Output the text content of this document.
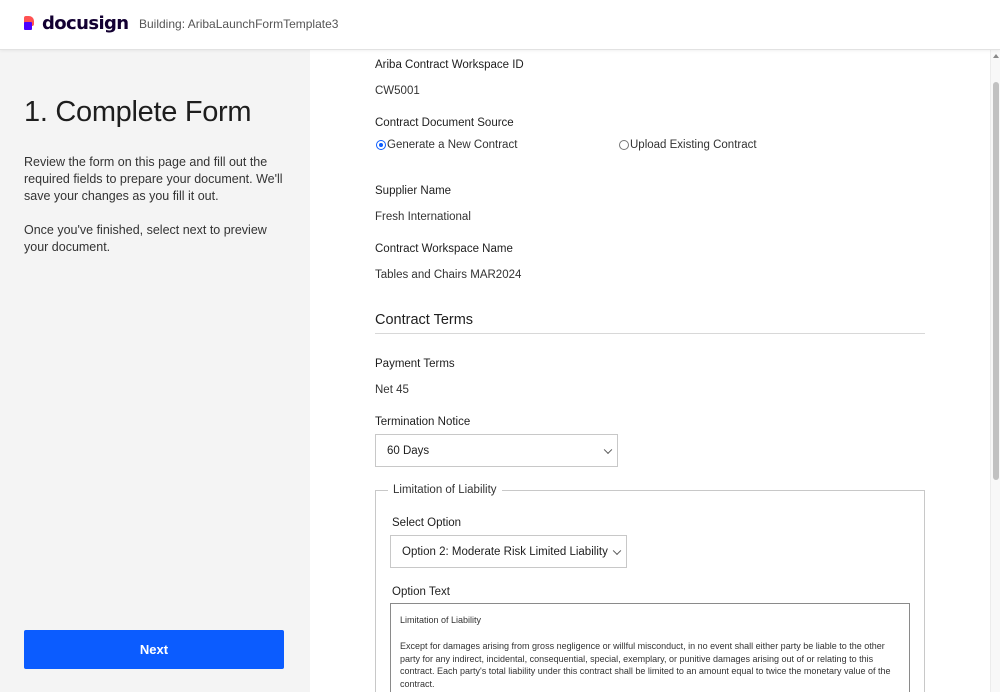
docusign Building: AribaLaunchFormTemplate3
1. Complete Form

Review the form on this page and fill out the required fields to prepare your document. We'll save your changes as you fill it out.

Once you've finished, select next to preview your document.

Next
Ariba Contract Workspace ID
CW5001
Contract Document Source
Generate a New Contract	Upload Existing Contract
Supplier Name
Fresh International
Contract Workspace Name
Tables and Chairs MAR2024
Contract Terms
Payment Terms
Net 45
Termination Notice
60 Days
Limitation of Liability
Select Option
Option 2: Moderate Risk Limited Liability
Option Text
Limitation of Liability
Except for damages arising from gross negligence or willful misconduct, in no event shall either party be liable to the other party for any indirect, incidental, consequential, special, exemplary, or punitive damages arising out of or relating to this contract. Each party's total liability under this contract shall be limited to an amount equal to twice the monetary value of the contract.
